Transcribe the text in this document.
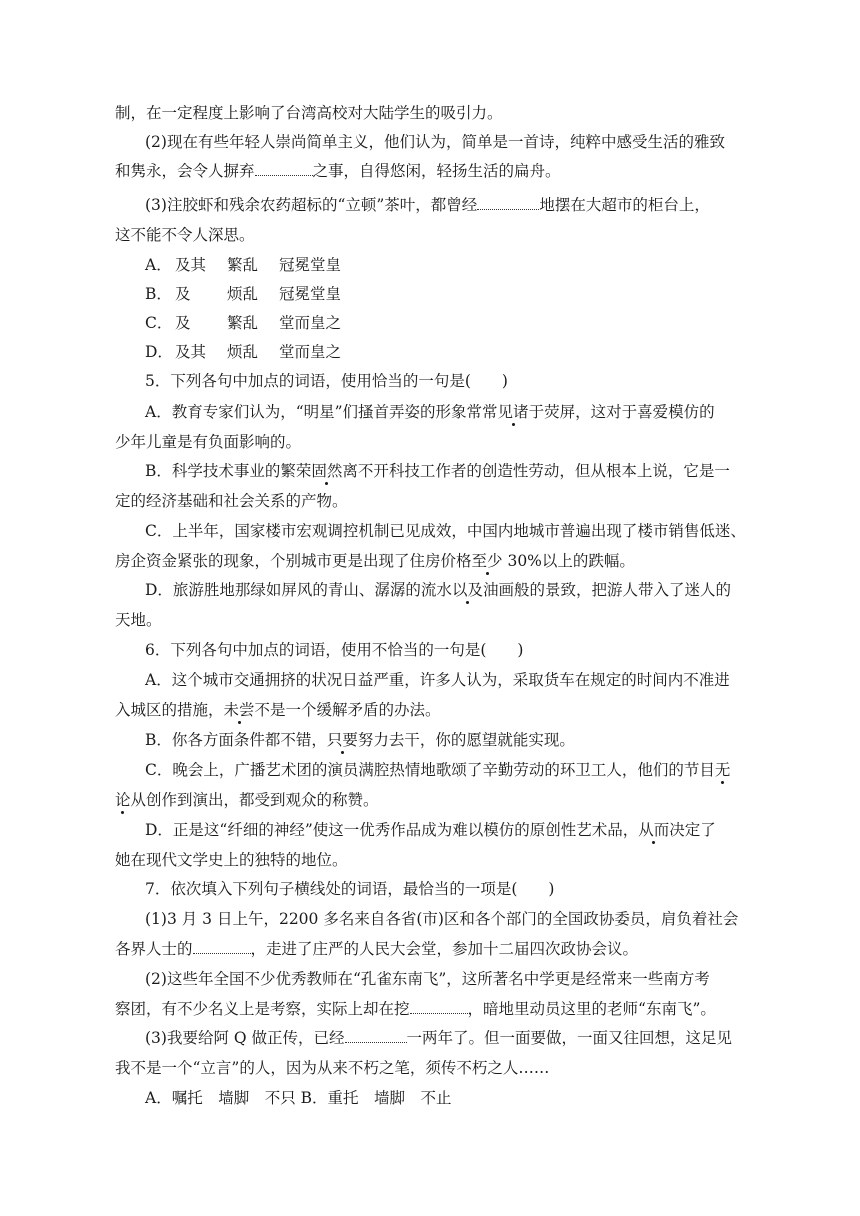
制，在一定程度上影响了台湾高校对大陆学生的吸引力。
(2)现在有些年轻人崇尚简单主义，他们认为，简单是一首诗，纯粹中感受生活的雅致
和隽永，会令人摒弃	之事，自得悠闲，轻扬生活的扁舟。
(3)注胶虾和残余农药超标的“立顿”茶叶，都曾经	地摆在大超市的柜台上，
这不能不令人深思。
A． 及其 繁乱 冠冕堂皇
B． 及 烦乱 冠冕堂皇
C． 及 繁乱 堂而皇之
D． 及其 烦乱 堂而皇之
5．下列各句中加点的词语，使用恰当的一句是(　　)
A．教育专家们认为，“明星”们搔首弄姿的形象常常见诸于荧屏，这对于喜爱模仿的
少年儿童是有负面影响的。
B．科学技术事业的繁荣固然离不开科技工作者的创造性劳动，但从根本上说，它是一
定的经济基础和社会关系的产物。
C．上半年，国家楼市宏观调控机制已见成效，中国内地城市普遍出现了楼市销售低迷、
房企资金紧张的现象，个别城市更是出现了住房价格至少 30%以上的跌幅。
D．旅游胜地那绿如屏风的青山、潺潺的流水以及油画般的景致，把游人带入了迷人的
天地。
6．下列各句中加点的词语，使用不恰当的一句是(　　)
A．这个城市交通拥挤的状况日益严重，许多人认为，采取货车在规定的时间内不准进
入城区的措施，未尝不是一个缓解矛盾的办法。
B．你各方面条件都不错，只要努力去干，你的愿望就能实现。
C．晚会上，广播艺术团的演员满腔热情地歌颂了辛勤劳动的环卫工人，他们的节目无
论从创作到演出，都受到观众的称赞。
D．正是这“纤细的神经”使这一优秀作品成为难以模仿的原创性艺术品，从而决定了
她在现代文学史上的独特的地位。
7．依次填入下列句子横线处的词语，最恰当的一项是(　　)
(1)3 月 3 日上午，2200 多名来自各省(市)区和各个部门的全国政协委员，肩负着社会
各界人士的	，走进了庄严的人民大会堂，参加十二届四次政协会议。
(2)这些年全国不少优秀教师在“孔雀东南飞”，这所著名中学更是经常来一些南方考
察团，有不少名义上是考察，实际上却在挖	，暗地里动员这里的老师“东南飞”。
(3)我要给阿 Q 做正传，已经	一两年了。但一面要做，一面又往回想，这足见
我不是一个“立言”的人，因为从来不朽之笔，须传不朽之人……
A．嘱托　墙脚　不只 B．重托　墙脚　不止
